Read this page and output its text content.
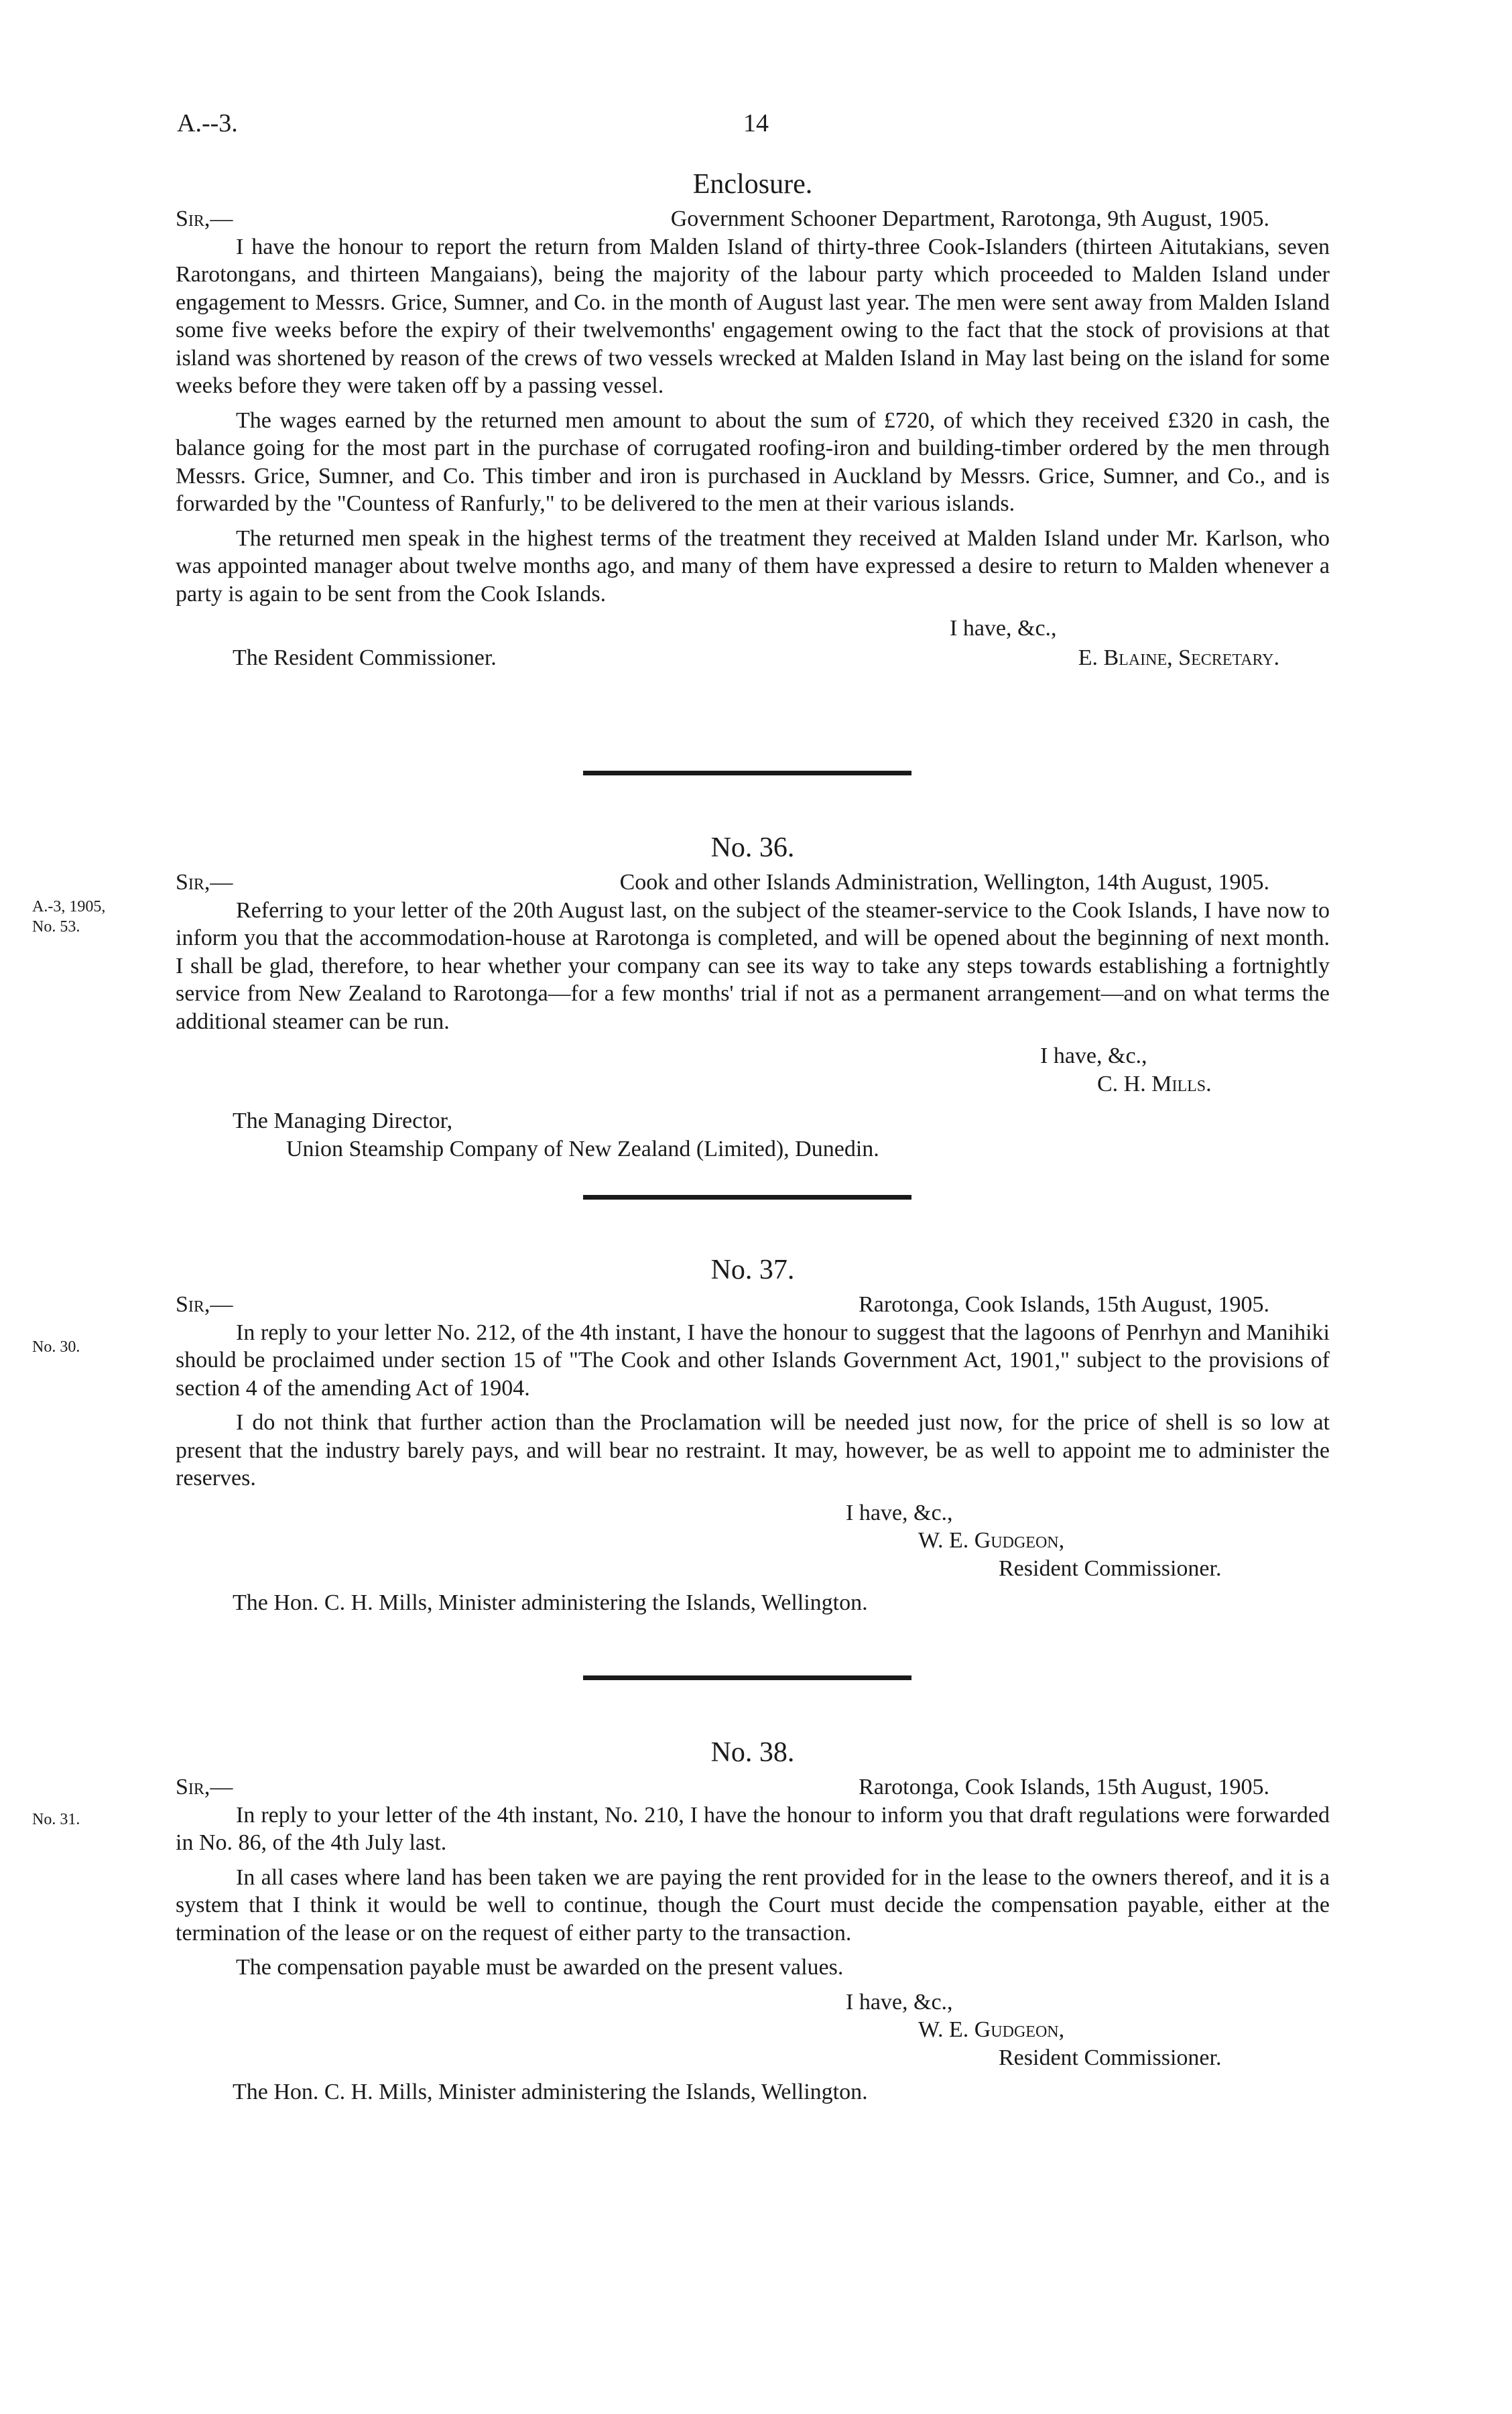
A.--3.	14
Enclosure.
Sir,—	Government Schooner Department, Rarotonga, 9th August, 1905.

I have the honour to report the return from Malden Island of thirty-three Cook-Islanders (thirteen Aitutakians, seven Rarotongans, and thirteen Mangaians), being the majority of the labour party which proceeded to Malden Island under engagement to Messrs. Grice, Sumner, and Co. in the month of August last year. The men were sent away from Malden Island some five weeks before the expiry of their twelvemonths' engagement owing to the fact that the stock of provisions at that island was shortened by reason of the crews of two vessels wrecked at Malden Island in May last being on the island for some weeks before they were taken off by a passing vessel.

The wages earned by the returned men amount to about the sum of £720, of which they received £320 in cash, the balance going for the most part in the purchase of corrugated roofing-iron and building-timber ordered by the men through Messrs. Grice, Sumner, and Co. This timber and iron is purchased in Auckland by Messrs. Grice, Sumner, and Co., and is forwarded by the "Countess of Ranfurly," to be delivered to the men at their various islands.

The returned men speak in the highest terms of the treatment they received at Malden Island under Mr. Karlson, who was appointed manager about twelve months ago, and many of them have expressed a desire to return to Malden whenever a party is again to be sent from the Cook Islands.

I have, &c.,
The Resident Commissioner.	E. Blaine, Secretary.
A.-3, 1905,
No. 53.
No. 36.
Sir,—	Cook and other Islands Administration, Wellington, 14th August, 1905.

Referring to your letter of the 20th August last, on the subject of the steamer-service to the Cook Islands, I have now to inform you that the accommodation-house at Rarotonga is completed, and will be opened about the beginning of next month. I shall be glad, therefore, to hear whether your company can see its way to take any steps towards establishing a fortnightly service from New Zealand to Rarotonga—for a few months' trial if not as a permanent arrangement—and on what terms the additional steamer can be run.

I have, &c.,
C. H. Mills.
The Managing Director,
Union Steamship Company of New Zealand (Limited), Dunedin.
No. 30.
No. 37.
Sir,—	Rarotonga, Cook Islands, 15th August, 1905.

In reply to your letter No. 212, of the 4th instant, I have the honour to suggest that the lagoons of Penrhyn and Manihiki should be proclaimed under section 15 of "The Cook and other Islands Government Act, 1901," subject to the provisions of section 4 of the amending Act of 1904.

I do not think that further action than the Proclamation will be needed just now, for the price of shell is so low at present that the industry barely pays, and will bear no restraint. It may, however, be as well to appoint me to administer the reserves.

I have, &c.,
W. E. Gudgeon,
Resident Commissioner.
The Hon. C. H. Mills, Minister administering the Islands, Wellington.
No. 31.
No. 38.
Sir,—	Rarotonga, Cook Islands, 15th August, 1905.

In reply to your letter of the 4th instant, No. 210, I have the honour to inform you that draft regulations were forwarded in No. 86, of the 4th July last.

In all cases where land has been taken we are paying the rent provided for in the lease to the owners thereof, and it is a system that I think it would be well to continue, though the Court must decide the compensation payable, either at the termination of the lease or on the request of either party to the transaction.

The compensation payable must be awarded on the present values.

I have, &c.,
W. E. Gudgeon,
Resident Commissioner.
The Hon. C. H. Mills, Minister administering the Islands, Wellington.
